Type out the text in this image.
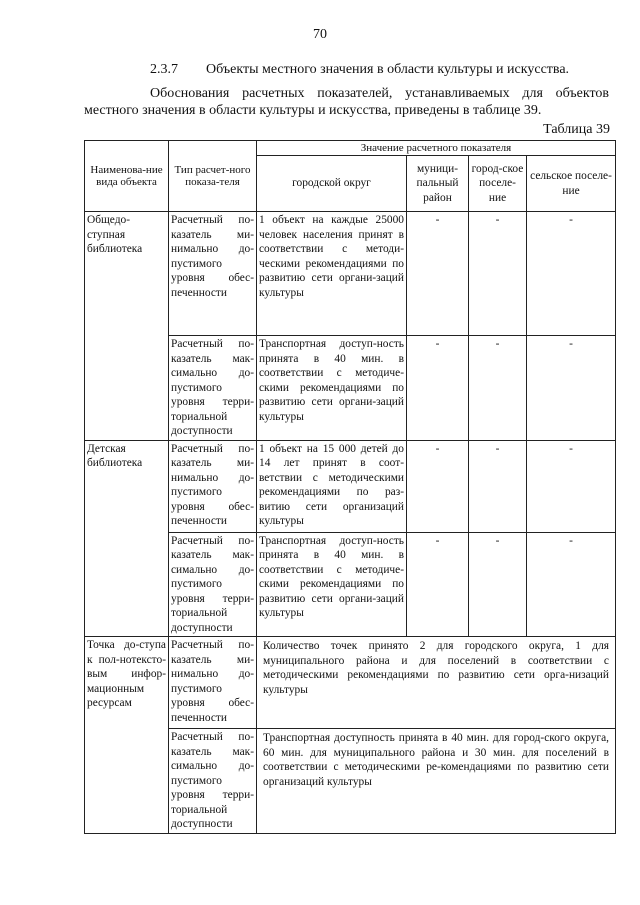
70
2.3.7 Объекты местного значения в области культуры и искусства.
Обоснования расчетных показателей, устанавливаемых для объектов местного значения в области культуры и искусства, приведены в таблице 39.
Таблица 39
Наименова-ние вида объекта	Тип расчет-ного показа-теля	Значение расчетного показателя			
		городской округ	муници-пальный район	город-ское поселе-ние	сельское поселе-ние
Общедо-ступная библиотека	Расчетный по-казатель ми-нимально до-пустимого уровня обес-печенности	1 объект на каждые 25000 человек населения принят в соответствии с методи-ческими рекомендациями по развитию сети органи-заций культуры	-	-	-
	Расчетный по-казатель мак-симально до-пустимого уровня терри-ториальной доступности	Транспортная доступ-ность принята в 40 мин. в соответствии с методиче-скими рекомендациями по развитию сети органи-заций культуры	-	-	-
Детская библиотека	Расчетный по-казатель ми-нимально до-пустимого уровня обес-печенности	1 объект на 15 000 детей до 14 лет принят в соот-ветствии с методическими рекомендациями по раз-витию сети организаций культуры	-	-	-
	Расчетный по-казатель мак-симально до-пустимого уровня терри-ториальной доступности	Транспортная доступ-ность принята в 40 мин. в соответствии с методиче-скими рекомендациями по развитию сети органи-заций культуры	-	-	-
Точка до-ступа к пол-нотексто-вым инфор-мационным ресурсам	Расчетный по-казатель ми-нимально до-пустимого уровня обес-печенности	Количество точек принято 2 для городского округа, 1 для муниципального района и для поселений в соответствии с методическими рекомендациями по развитию сети орга-низаций культуры			
	Расчетный по-казатель мак-симально до-пустимого уровня терри-ториальной доступности	Транспортная доступность принята в 40 мин. для город-ского округа, 60 мин. для муниципального района и 30 мин. для поселений в соответствии с методическими ре-комендациями по развитию сети организаций культуры			
